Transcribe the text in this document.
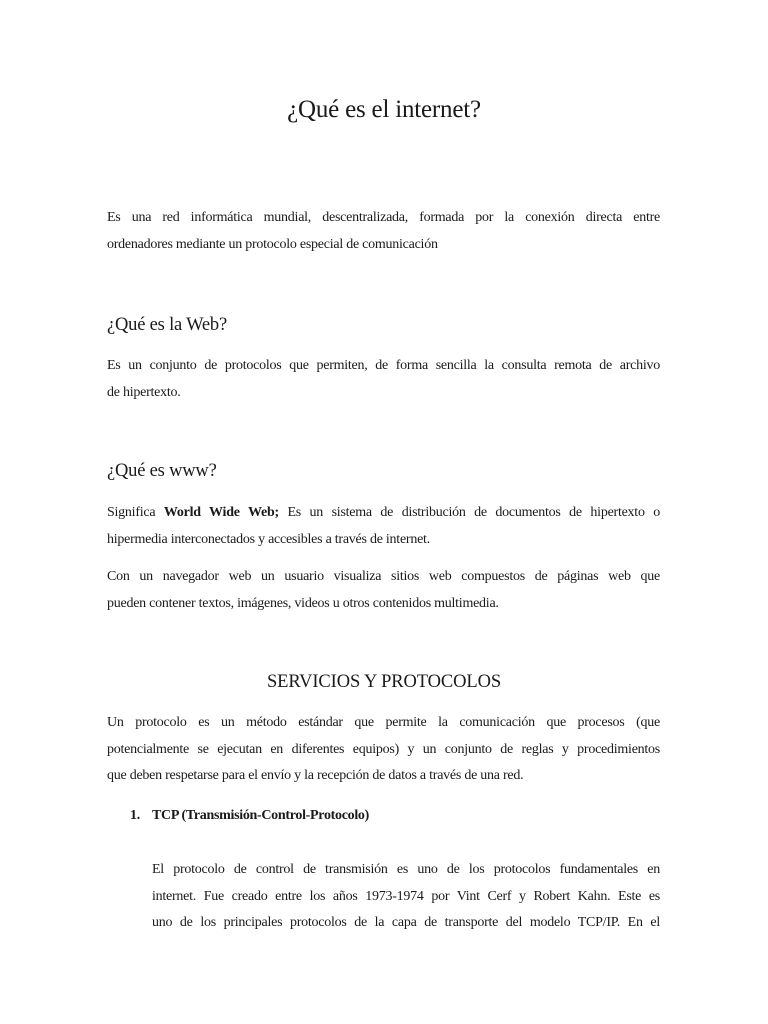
¿Qué es el internet?

Es una red informática mundial, descentralizada, formada por la conexión directa entre
ordenadores mediante un protocolo especial de comunicación

¿Qué es la Web?

Es un conjunto de protocolos que permiten, de forma sencilla la consulta remota de archivo
de hipertexto.

¿Qué es www?

Significa World Wide Web; Es un sistema de distribución de documentos de hipertexto o
hipermedia interconectados y accesibles a través de internet.

Con un navegador web un usuario visualiza sitios web compuestos de páginas web que
pueden contener textos, imágenes, videos u otros contenidos multimedia.

SERVICIOS Y PROTOCOLOS

Un protocolo es un método estándar que permite la comunicación que procesos (que
potencialmente se ejecutan en diferentes equipos) y un conjunto de reglas y procedimientos
que deben respetarse para el envío y la recepción de datos a través de una red.

1. TCP (Transmisión-Control-Protocolo)

El protocolo de control de transmisión es uno de los protocolos fundamentales en
internet. Fue creado entre los años 1973-1974 por Vint Cerf y Robert Kahn. Este es
uno de los principales protocolos de la capa de transporte del modelo TCP/IP. En el
